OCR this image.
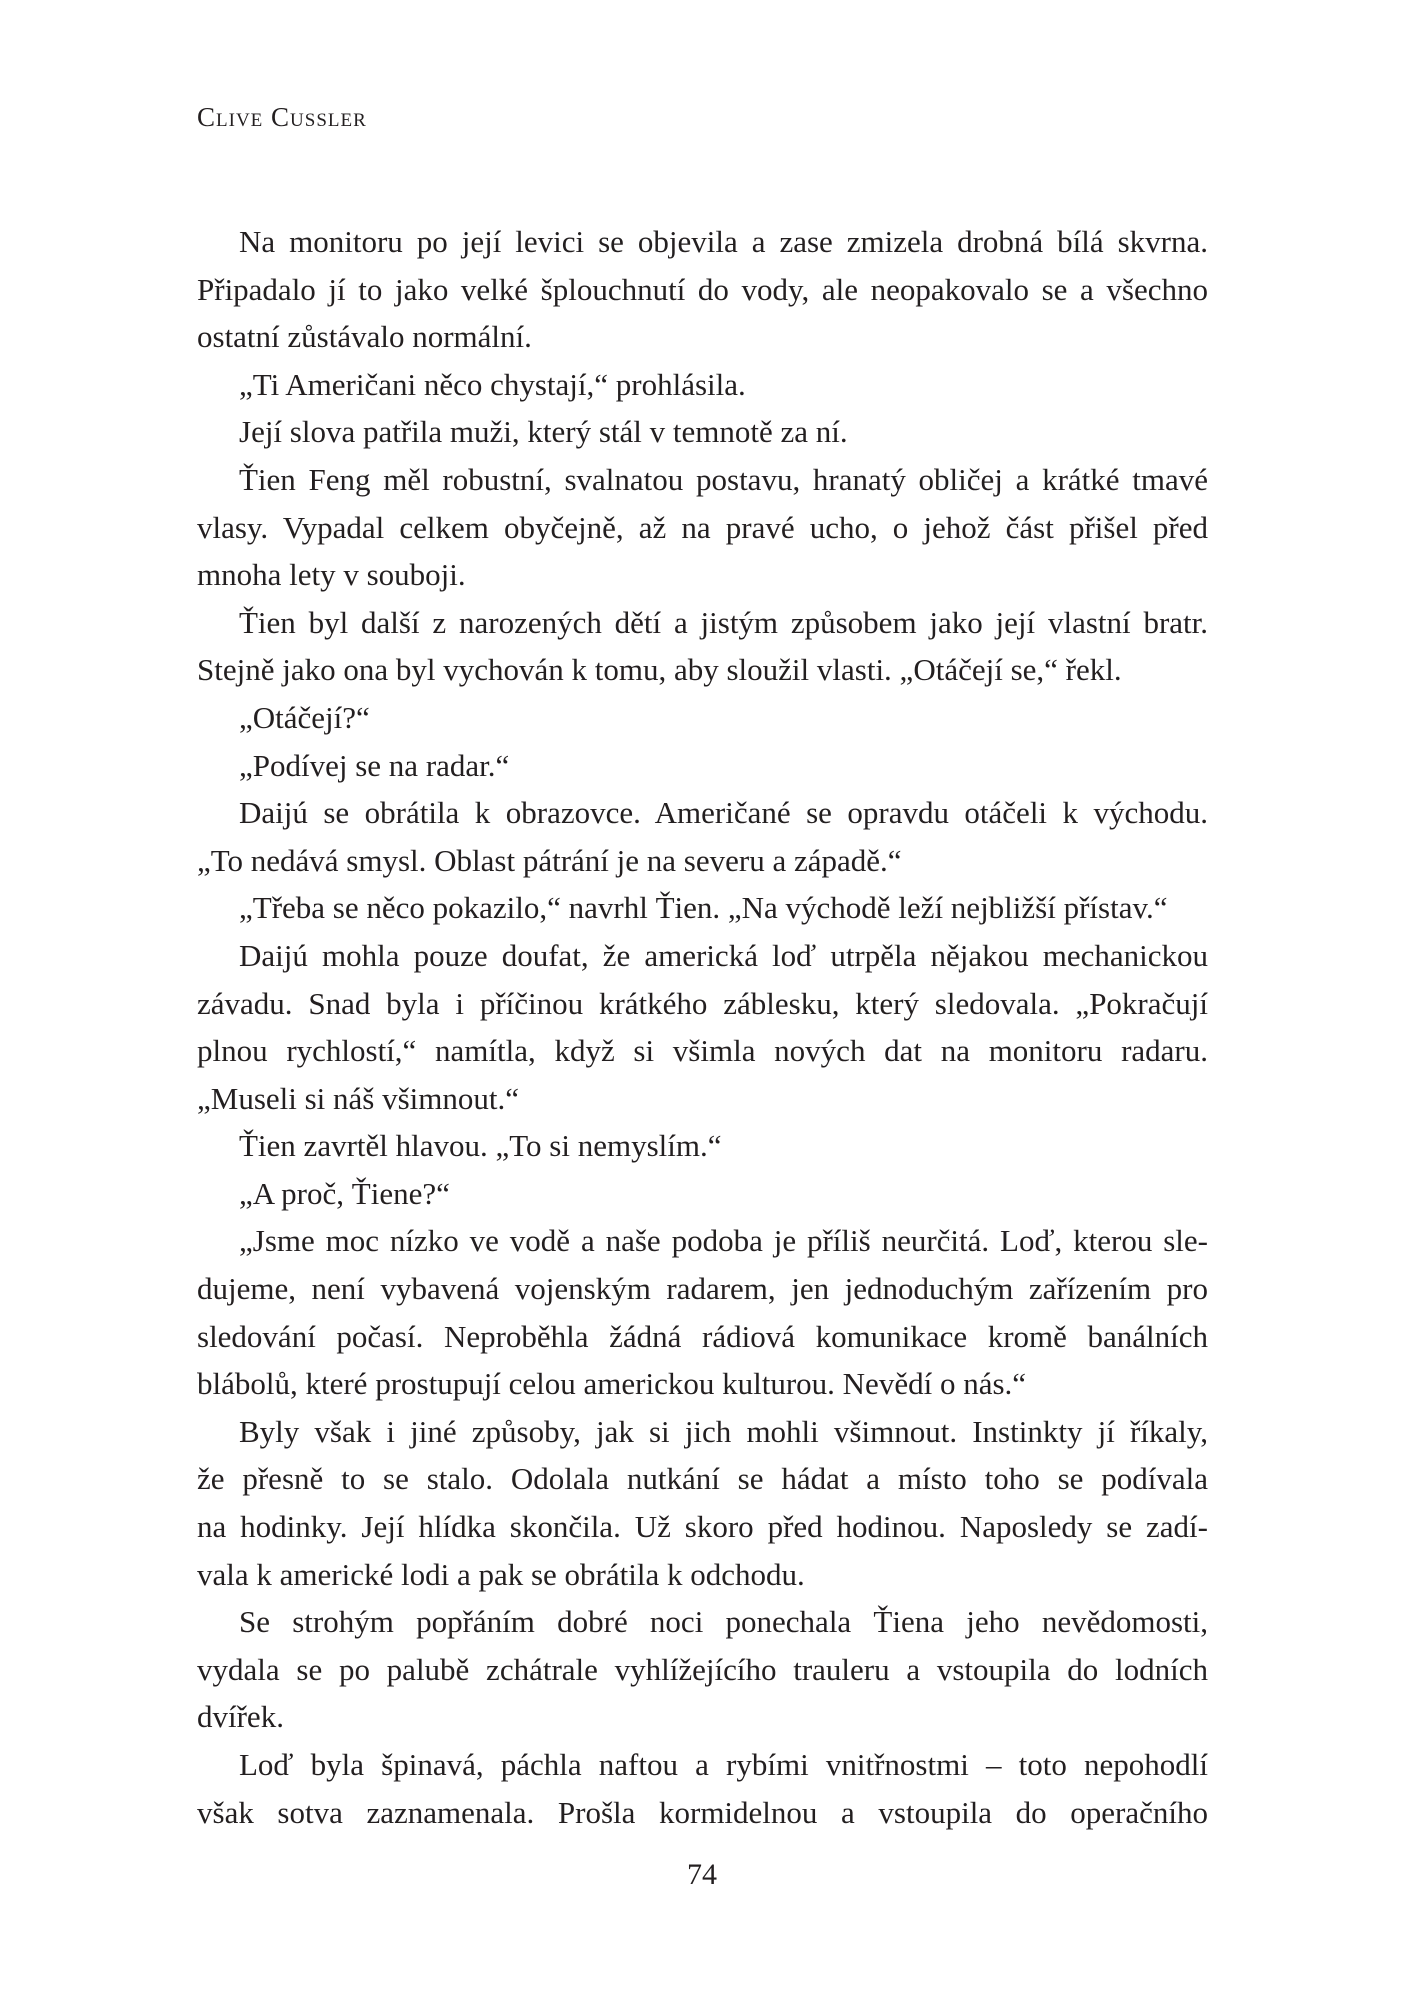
Clive Cussler
Na monitoru po její levici se objevila a zase zmizela drobná bílá skvrna.
Připadalo jí to jako velké šplouchnutí do vody, ale neopakovalo se a všechno
ostatní zůstávalo normální.
„Ti Američani něco chystají,“ prohlásila.
Její slova patřila muži, který stál v temnotě za ní.
Ťien Feng měl robustní, svalnatou postavu, hranatý obličej a krátké tmavé
vlasy. Vypadal celkem obyčejně, až na pravé ucho, o jehož část přišel před
mnoha lety v souboji.
Ťien byl další z narozených dětí a jistým způsobem jako její vlastní bratr.
Stejně jako ona byl vychován k tomu, aby sloužil vlasti. „Otáčejí se,“ řekl.
„Otáčejí?“
„Podívej se na radar.“
Daijú se obrátila k obrazovce. Američané se opravdu otáčeli k východu.
„To nedává smysl. Oblast pátrání je na severu a západě.“
„Třeba se něco pokazilo,“ navrhl Ťien. „Na východě leží nejbližší přístav.“
Daijú mohla pouze doufat, že americká loď utrpěla nějakou mechanickou
závadu. Snad byla i příčinou krátkého záblesku, který sledovala. „Pokračují
plnou rychlostí,“ namítla, když si všimla nových dat na monitoru radaru.
„Museli si náš všimnout.“
Ťien zavrtěl hlavou. „To si nemyslím.“
„A proč, Ťiene?“
„Jsme moc nízko ve vodě a naše podoba je příliš neurčitá. Loď, kterou sle-
dujeme, není vybavená vojenským radarem, jen jednoduchým zařízením pro
sledování počasí. Neproběhla žádná rádiová komunikace kromě banálních
blábolů, které prostupují celou americkou kulturou. Nevědí o nás.“
Byly však i jiné způsoby, jak si jich mohli všimnout. Instinkty jí říkaly,
že přesně to se stalo. Odolala nutkání se hádat a místo toho se podívala
na hodinky. Její hlídka skončila. Už skoro před hodinou. Naposledy se zadí-
vala k americké lodi a pak se obrátila k odchodu.
Se strohým popřáním dobré noci ponechala Ťiena jeho nevědomosti,
vydala se po palubě zchátrale vyhlížejícího trauleru a vstoupila do lodních
dvířek.
Loď byla špinavá, páchla naftou a rybími vnitřnostmi – toto nepohodlí
však sotva zaznamenala. Prošla kormidelnou a vstoupila do operačního
74
